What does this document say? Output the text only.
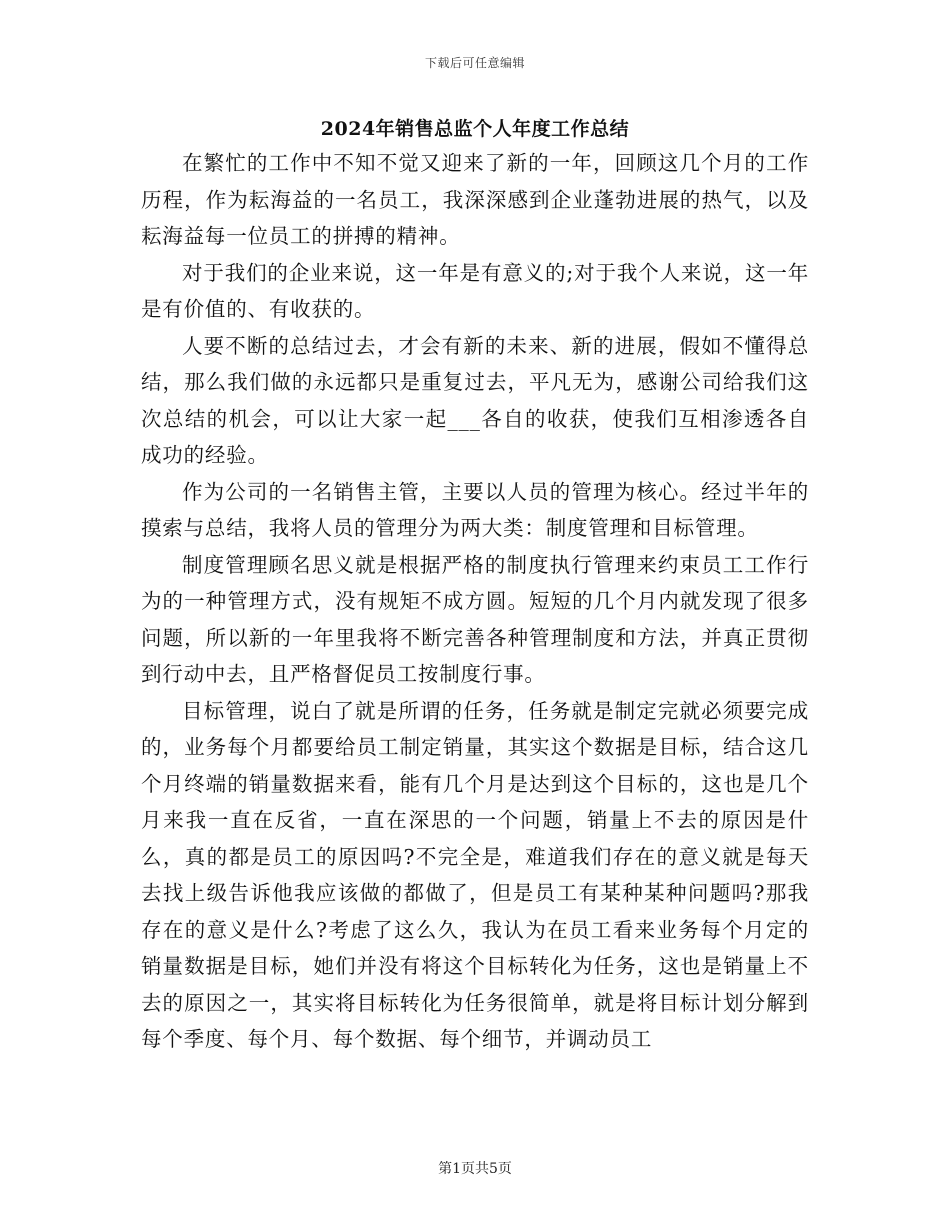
下载后可任意编辑
2024年销售总监个人年度工作总结

在繁忙的工作中不知不觉又迎来了新的一年，回顾这几个月的工作历程，作为耘海益的一名员工，我深深感到企业蓬勃进展的热气，以及耘海益每一位员工的拼搏的精神。

对于我们的企业来说，这一年是有意义的;对于我个人来说，这一年是有价值的、有收获的。

人要不断的总结过去，才会有新的未来、新的进展，假如不懂得总结，那么我们做的永远都只是重复过去，平凡无为，感谢公司给我们这次总结的机会，可以让大家一起___各自的收获，使我们互相渗透各自成功的经验。

作为公司的一名销售主管，主要以人员的管理为核心。经过半年的摸索与总结，我将人员的管理分为两大类：制度管理和目标管理。

制度管理顾名思义就是根据严格的制度执行管理来约束员工工作行为的一种管理方式，没有规矩不成方圆。短短的几个月内就发现了很多问题，所以新的一年里我将不断完善各种管理制度和方法，并真正贯彻到行动中去，且严格督促员工按制度行事。

目标管理，说白了就是所谓的任务，任务就是制定完就必须要完成的，业务每个月都要给员工制定销量，其实这个数据是目标，结合这几个月终端的销量数据来看，能有几个月是达到这个目标的，这也是几个月来我一直在反省，一直在深思的一个问题，销量上不去的原因是什么，真的都是员工的原因吗?不完全是，难道我们存在的意义就是每天去找上级告诉他我应该做的都做了，但是员工有某种某种问题吗?那我存在的意义是什么?考虑了这么久，我认为在员工看来业务每个月定的销量数据是目标，她们并没有将这个目标转化为任务，这也是销量上不去的原因之一，其实将目标转化为任务很简单，就是将目标计划分解到每个季度、每个月、每个数据、每个细节，并调动员工

第1页共5页
